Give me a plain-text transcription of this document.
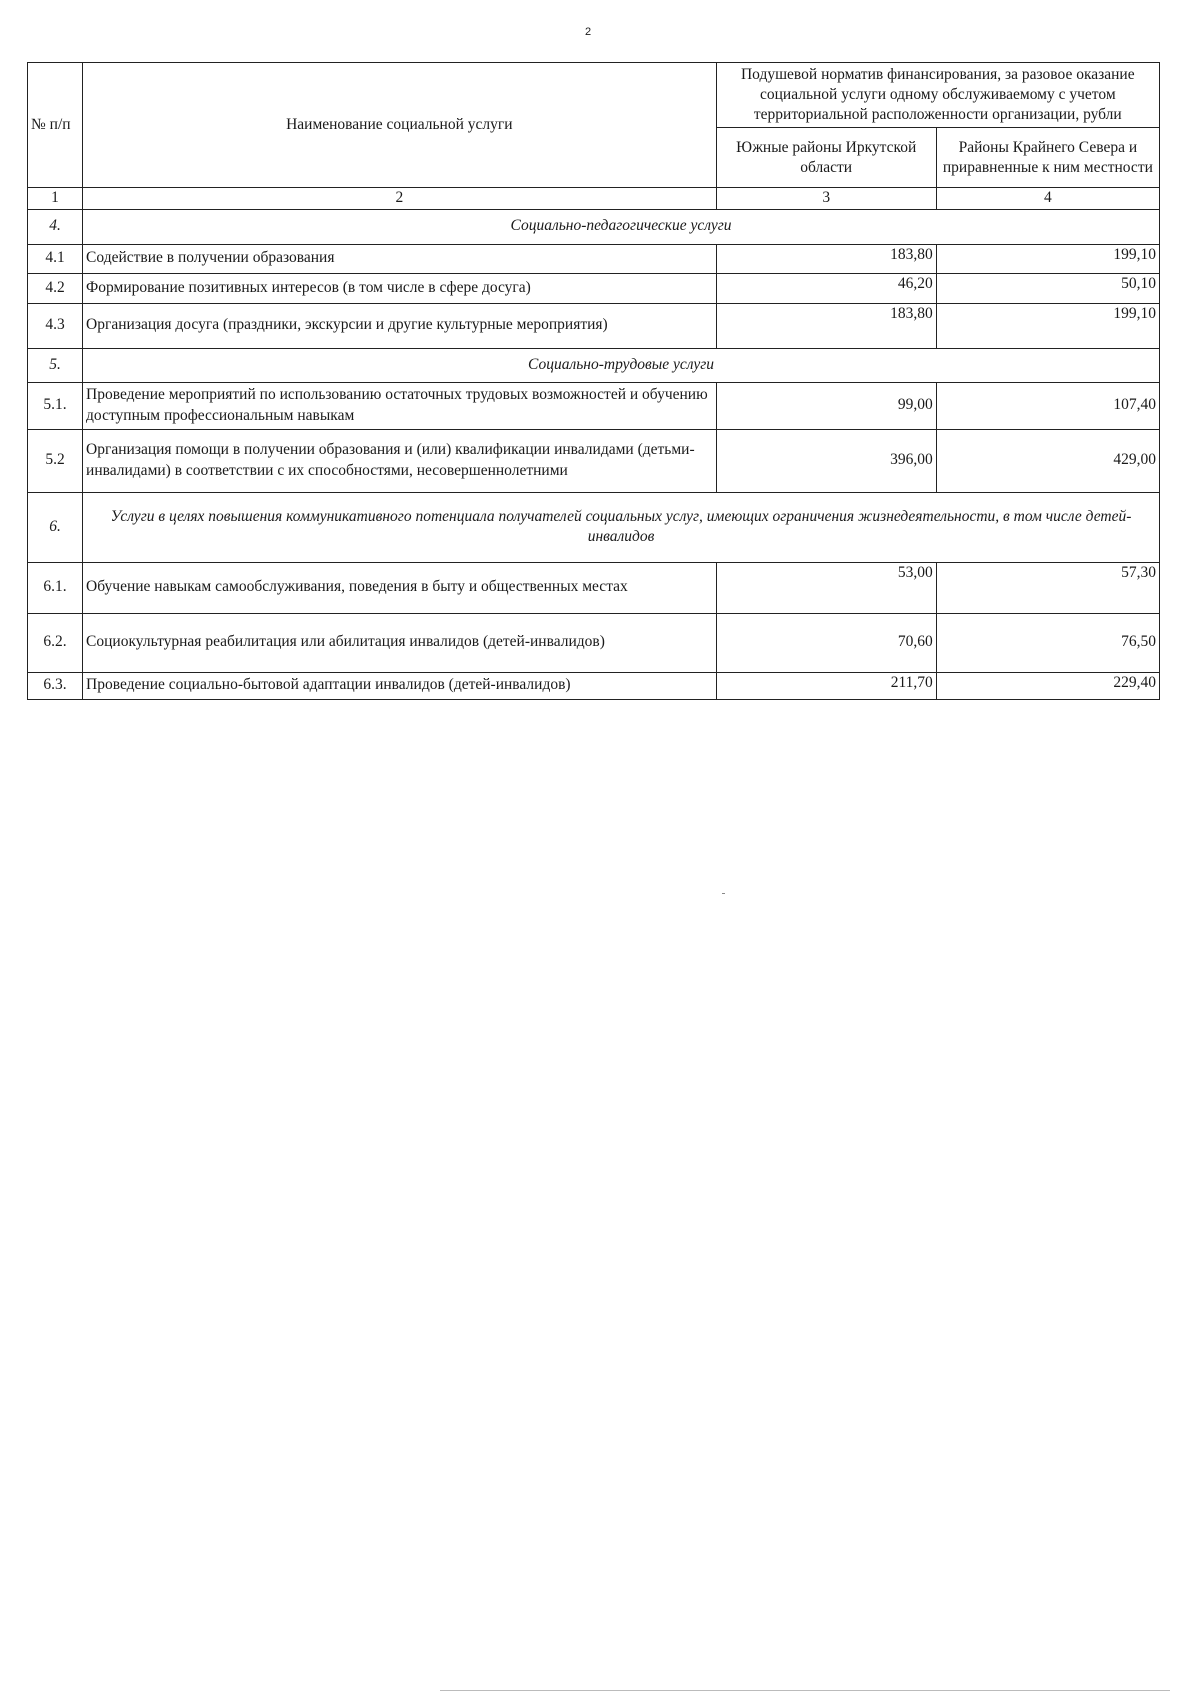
2
№ п/п	Наименование социальной услуги	Подушевой норматив финансирования, за разовое оказание социальной услуги одному обслуживаемому с учетом территориальной расположенности организации, рубли	
		Южные районы Иркутской области	Районы Крайнего Севера и приравненные к ним местности
1	2	3	4
4.	Социально-педагогические услуги		
4.1	Содействие в получении образования	183,80	199,10
4.2	Формирование позитивных интересов (в том числе в сфере досуга)	46,20	50,10
4.3	Организация досуга (праздники, экскурсии и другие культурные мероприятия)	183,80	199,10
5.	Социально-трудовые услуги		
5.1.	Проведение мероприятий по использованию остаточных трудовых возможностей и обучению доступным профессиональным навыкам	99,00	107,40
5.2	Организация помощи в получении образования и (или) квалификации инвалидами (детьми-инвалидами) в соответствии с их способностями, несовершеннолетними	396,00	429,00
6.	Услуги в целях повышения коммуникативного потенциала получателей социальных услуг, имеющих ограничения жизнедеятельности, в том числе детей-инвалидов		
6.1.	Обучение навыкам самообслуживания, поведения в быту и общественных местах	53,00	57,30
6.2.	Социокультурная реабилитация или абилитация инвалидов (детей-инвалидов)	70,60	76,50
6.3.	Проведение социально-бытовой адаптации инвалидов (детей-инвалидов)	211,70	229,40
